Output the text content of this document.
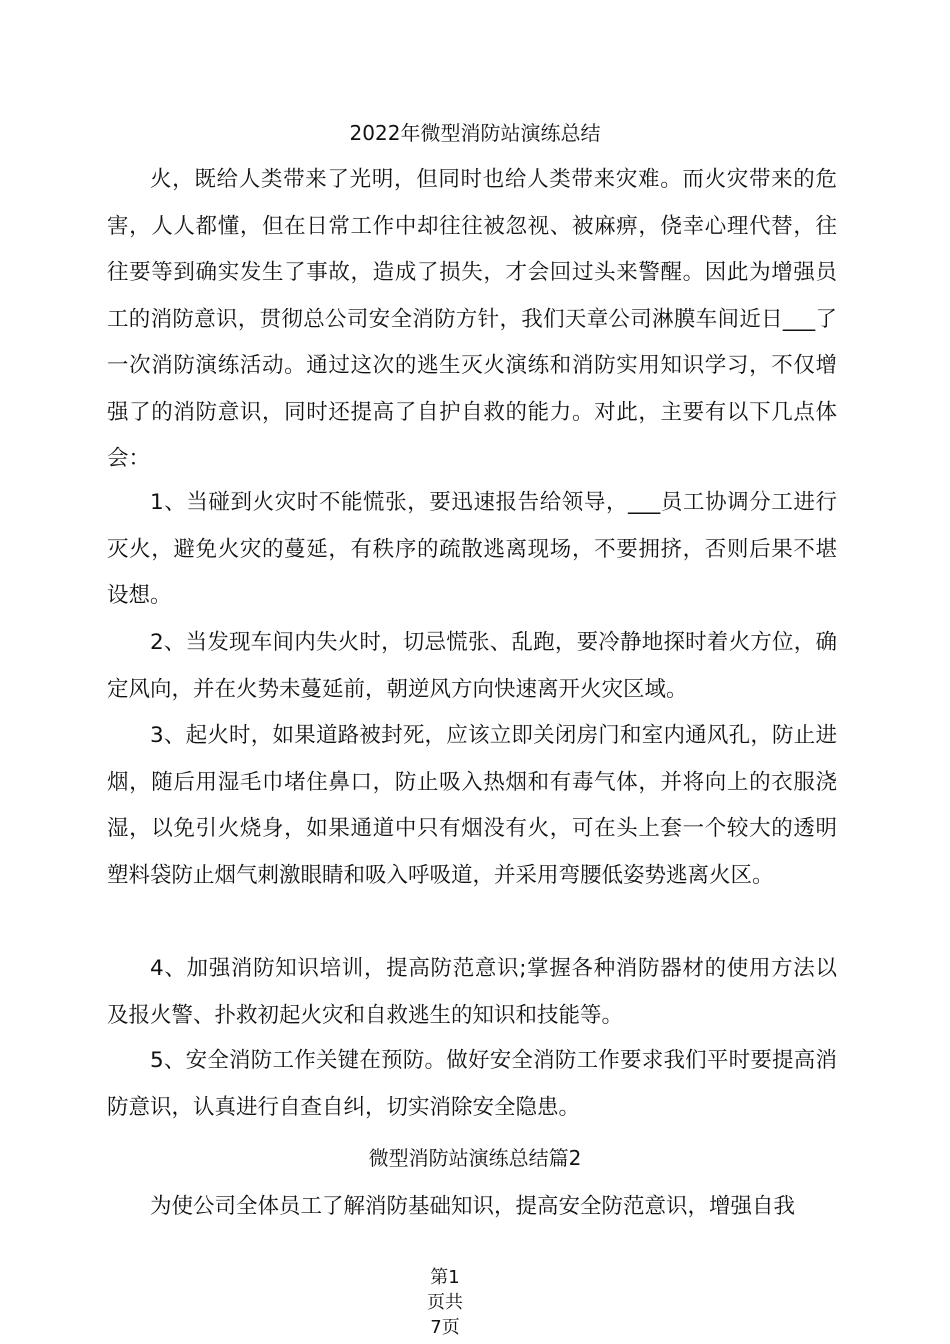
2022年微型消防站演练总结
火，既给人类带来了光明，但同时也给人类带来灾难。而火灾带来的危害，人人都懂，但在日常工作中却往往被忽视、被麻痹，侥幸心理代替，往往要等到确实发生了事故，造成了损失，才会回过头来警醒。因此为增强员工的消防意识，贯彻总公司安全消防方针，我们天章公司淋膜车间近日___了一次消防演练活动。通过这次的逃生灭火演练和消防实用知识学习，不仅增强了的消防意识，同时还提高了自护自救的能力。对此，主要有以下几点体会：
1、当碰到火灾时不能慌张，要迅速报告给领导，___员工协调分工进行灭火，避免火灾的蔓延，有秩序的疏散逃离现场，不要拥挤，否则后果不堪设想。
2、当发现车间内失火时，切忌慌张、乱跑，要冷静地探时着火方位，确定风向，并在火势未蔓延前，朝逆风方向快速离开火灾区域。
3、起火时，如果道路被封死，应该立即关闭房门和室内通风孔，防止进烟，随后用湿毛巾堵住鼻口，防止吸入热烟和有毒气体，并将向上的衣服浇湿，以免引火烧身，如果通道中只有烟没有火，可在头上套一个较大的透明塑料袋防止烟气刺激眼睛和吸入呼吸道，并采用弯腰低姿势逃离火区。
4、加强消防知识培训，提高防范意识;掌握各种消防器材的使用方法以及报火警、扑救初起火灾和自救逃生的知识和技能等。
5、安全消防工作关键在预防。做好安全消防工作要求我们平时要提高消防意识，认真进行自查自纠，切实消除安全隐患。
微型消防站演练总结篇2
为使公司全体员工了解消防基础知识，提高安全防范意识，增强自我
第1
页共
7页
